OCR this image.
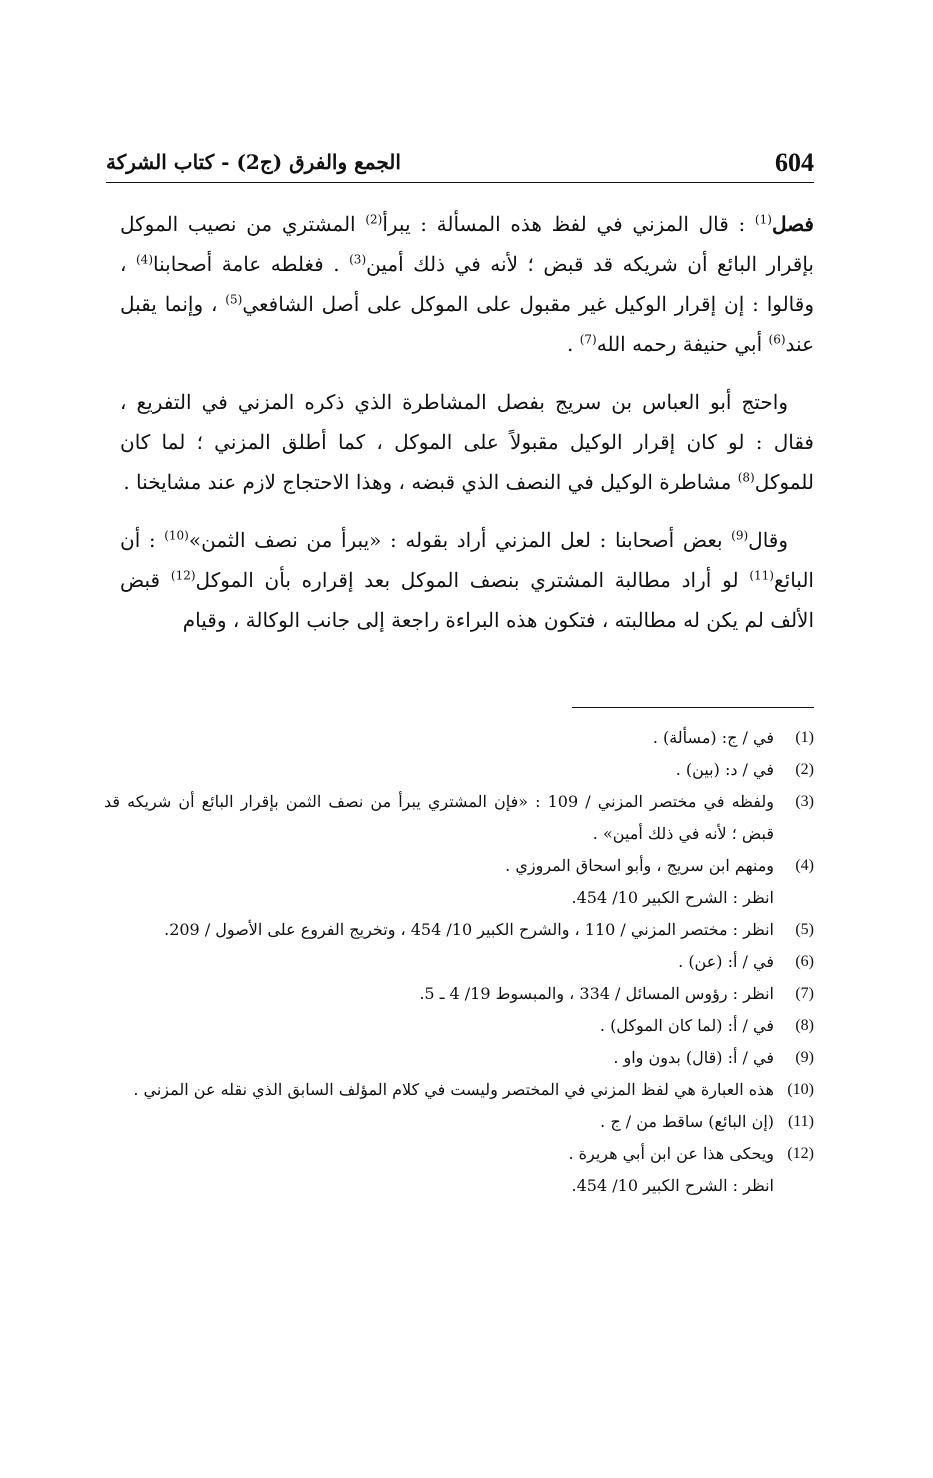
604
الجمع والفرق (ج2) - كتاب الشركة

فصل$^{(1)}$ : قال المزني في لفظ هذه المسألة : يبرأ$^{(2)}$ المشتري من نصيب الموكل بإقرار البائع أن شريكه قد قبض ؛ لأنه في ذلك أمين$^{(3)}$ . فغلطه عامة أصحابنا$^{(4)}$ ، وقالوا : إن إقرار الوكيل غير مقبول على الموكل على أصل الشافعي$^{(5)}$ ، وإنما يقبل عند$^{(6)}$ أبي حنيفة رحمه الله$^{(7)}$ .

واحتج أبو العباس بن سريج بفصل المشاطرة الذي ذكره المزني في التفريع ، فقال : لو كان إقرار الوكيل مقبولاً على الموكل ، كما أطلق المزني ؛ لما كان للموكل$^{(8)}$ مشاطرة الوكيل في النصف الذي قبضه ، وهذا الاحتجاج لازم عند مشايخنا .

وقال$^{(9)}$ بعض أصحابنا : لعل المزني أراد بقوله : «يبرأ من نصف الثمن»$^{(10)}$ : أن البائع$^{(11)}$ لو أراد مطالبة المشتري بنصف الموكل بعد إقراره بأن الموكل$^{(12)}$ قبض الألف لم يكن له مطالبته ، فتكون هذه البراءة راجعة إلى جانب الوكالة ، وقيام

(1)
في / ج: (مسألة) .
(2)
في / د: (بين) .
(3)
ولفظه في مختصر المزني / 109 : «فإن المشتري يبرأ من نصف الثمن بإقرار البائع أن شريكه قد قبض ؛ لأنه في ذلك أمين» .
(4)
ومنهم ابن سريج ، وأبو اسحاق المروزي .
انظر : الشرح الكبير 10/ 454.
(5)
انظر : مختصر المزني / 110 ، والشرح الكبير 10/ 454 ، وتخريج الفروع على الأصول / 209.
(6)
في / أ: (عن) .
(7)
انظر : رؤوس المسائل / 334 ، والمبسوط 19/ 4 ـ 5.
(8)
في / أ: (لما كان الموكل) .
(9)
في / أ: (قال) بدون واو .
(10)
هذه العبارة هي لفظ المزني في المختصر وليست في كلام المؤلف السابق الذي نقله عن المزني .
(11)
(إن البائع) ساقط من / ج .
(12)
ويحكى هذا عن ابن أبي هريرة .
انظر : الشرح الكبير 10/ 454.
